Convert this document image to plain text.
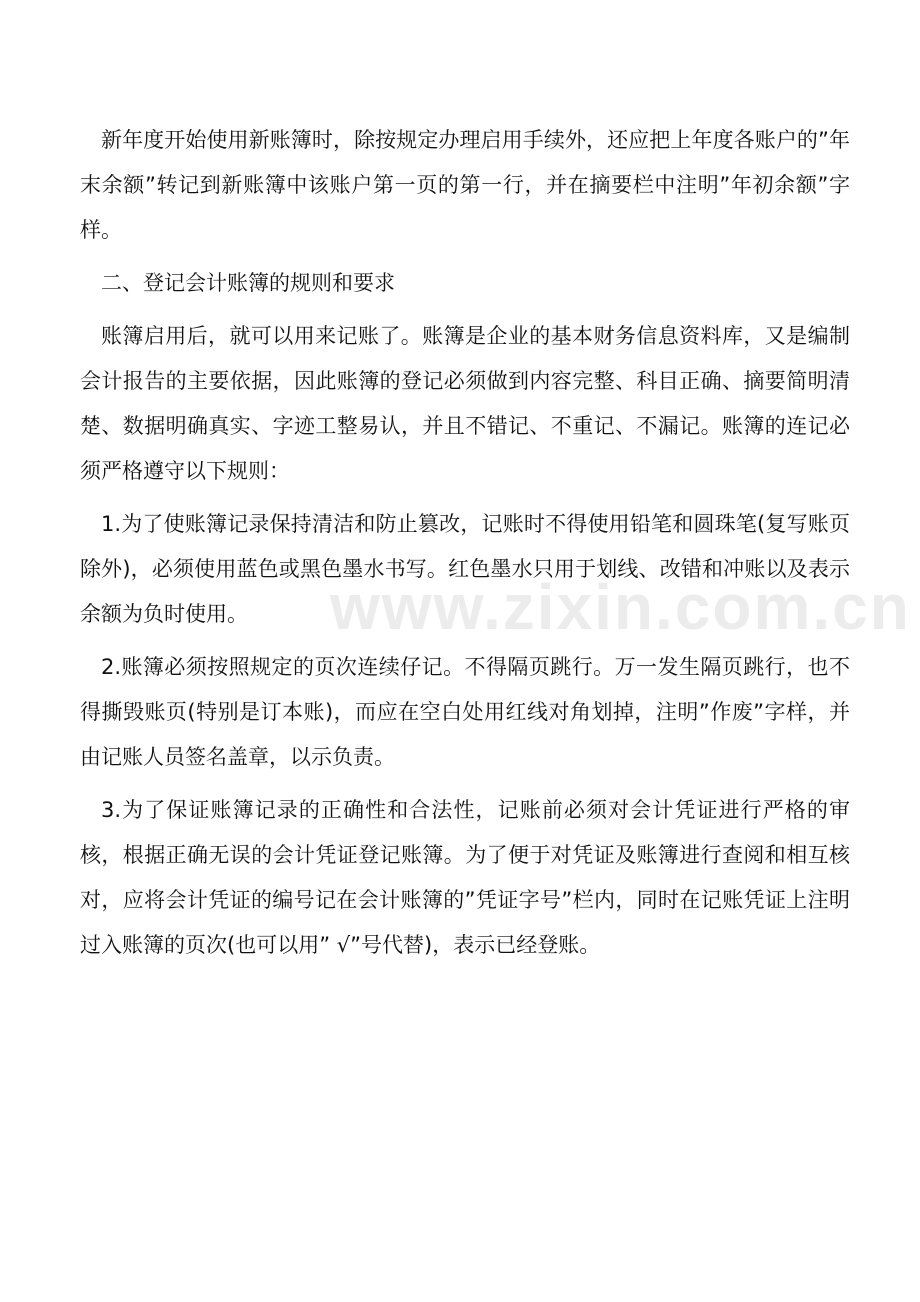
新年度开始使用新账簿时，除按规定办理启用手续外，还应把上年度各账户的”年末余额”转记到新账簿中该账户第一页的第一行，并在摘要栏中注明”年初余额”字样。

二、登记会计账簿的规则和要求

账簿启用后，就可以用来记账了。账簿是企业的基本财务信息资料库，又是编制会计报告的主要依据，因此账簿的登记必须做到内容完整、科目正确、摘要简明清楚、数据明确真实、字迹工整易认，并且不错记、不重记、不漏记。账簿的连记必须严格遵守以下规则：

1.为了使账簿记录保持清洁和防止篡改，记账时不得使用铅笔和圆珠笔(复写账页除外)，必须使用蓝色或黑色墨水书写。红色墨水只用于划线、改错和冲账以及表示余额为负时使用。

2.账簿必须按照规定的页次连续仔记。不得隔页跳行。万一发生隔页跳行，也不得撕毁账页(特别是订本账)，而应在空白处用红线对角划掉，注明”作废”字样，并由记账人员签名盖章，以示负责。

3.为了保证账簿记录的正确性和合法性，记账前必须对会计凭证进行严格的审核，根据正确无误的会计凭证登记账簿。为了便于对凭证及账簿进行查阅和相互核对，应将会计凭证的编号记在会计账簿的”凭证字号”栏内，同时在记账凭证上注明过入账簿的页次(也可以用” √”号代替)，表示已经登账。

www.zixin.com.cn
